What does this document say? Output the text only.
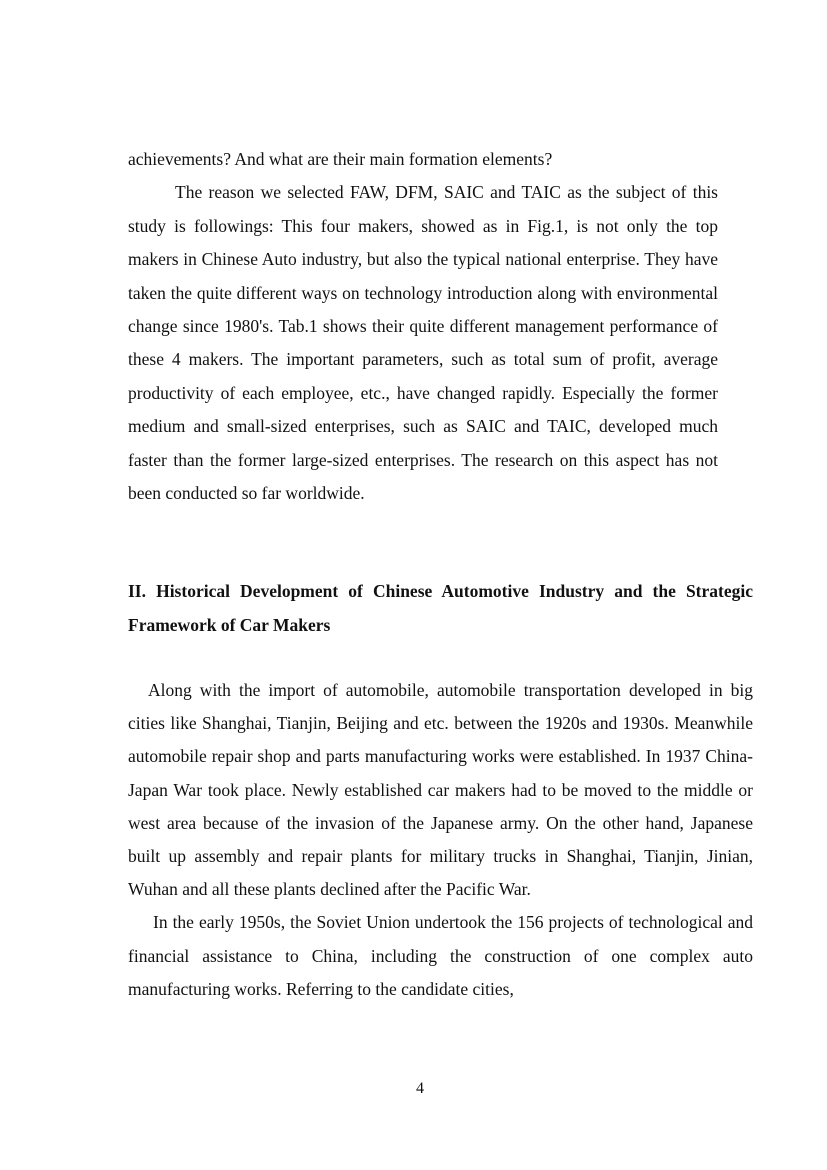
achievements? And what are their main formation elements?

The reason we selected FAW, DFM, SAIC and TAIC as the subject of this study is followings: This four makers, showed as in Fig.1, is not only the top makers in Chinese Auto industry, but also the typical national enterprise. They have taken the quite different ways on technology introduction along with environmental change since 1980's. Tab.1 shows their quite different management performance of these 4 makers. The important parameters, such as total sum of profit, average productivity of each employee, etc., have changed rapidly. Especially the former medium and small-sized enterprises, such as SAIC and TAIC, developed much faster than the former large-sized enterprises. The research on this aspect has not been conducted so far worldwide.

II. Historical Development of Chinese Automotive Industry and the Strategic Framework of Car Makers

Along with the import of automobile, automobile transportation developed in big cities like Shanghai, Tianjin, Beijing and etc. between the 1920s and 1930s. Meanwhile automobile repair shop and parts manufacturing works were established. In 1937 China-Japan War took place. Newly established car makers had to be moved to the middle or west area because of the invasion of the Japanese army. On the other hand, Japanese built up assembly and repair plants for military trucks in Shanghai, Tianjin, Jinian, Wuhan and all these plants declined after the Pacific War.

In the early 1950s, the Soviet Union undertook the 156 projects of technological and financial assistance to China, including the construction of one complex auto manufacturing works. Referring to the candidate cities,

4
